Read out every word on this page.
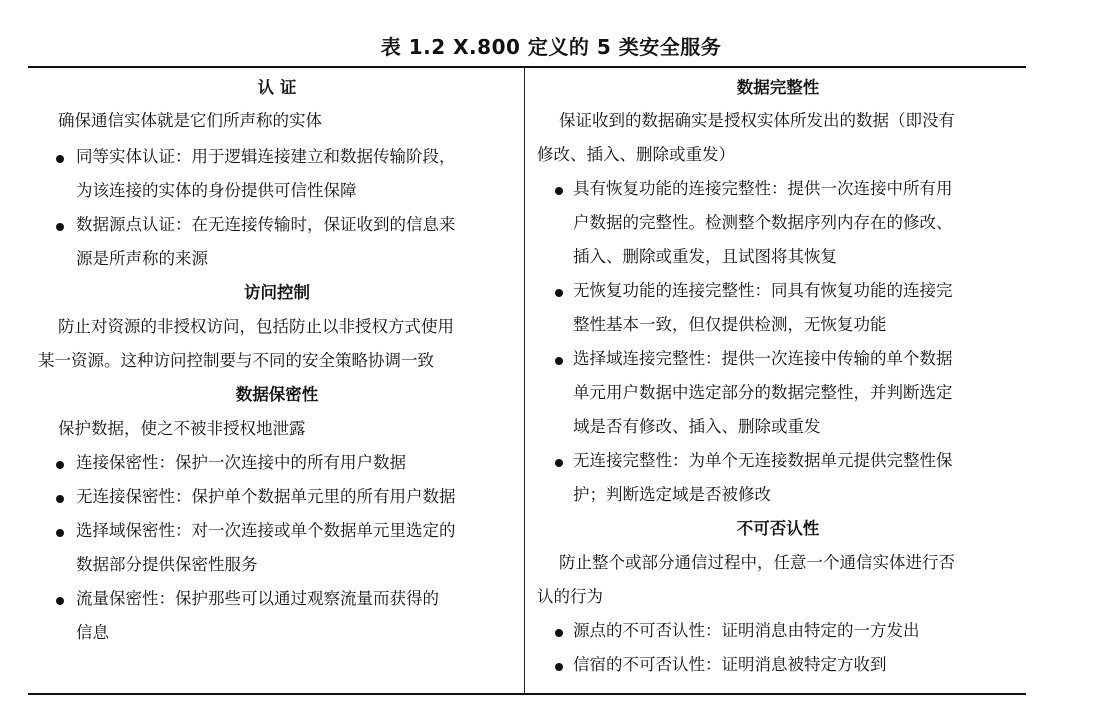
表 1.2 X.800 定义的 5 类安全服务
认 证
确保通信实体就是它们所声称的实体
同等实体认证：用于逻辑连接建立和数据传输阶段，
为该连接的实体的身份提供可信性保障
数据源点认证：在无连接传输时，保证收到的信息来
源是所声称的来源
访问控制
防止对资源的非授权访问，包括防止以非授权方式使用
某一资源。这种访问控制要与不同的安全策略协调一致
数据保密性
保护数据，使之不被非授权地泄露
连接保密性：保护一次连接中的所有用户数据
无连接保密性：保护单个数据单元里的所有用户数据
选择域保密性：对一次连接或单个数据单元里选定的
数据部分提供保密性服务
流量保密性：保护那些可以通过观察流量而获得的
信息
数据完整性
保证收到的数据确实是授权实体所发出的数据（即没有
修改、插入、删除或重发）
具有恢复功能的连接完整性：提供一次连接中所有用
户数据的完整性。检测整个数据序列内存在的修改、
插入、删除或重发，且试图将其恢复
无恢复功能的连接完整性：同具有恢复功能的连接完
整性基本一致，但仅提供检测，无恢复功能
选择域连接完整性：提供一次连接中传输的单个数据
单元用户数据中选定部分的数据完整性，并判断选定
域是否有修改、插入、删除或重发
无连接完整性：为单个无连接数据单元提供完整性保
护；判断选定域是否被修改
不可否认性
防止整个或部分通信过程中，任意一个通信实体进行否
认的行为
源点的不可否认性：证明消息由特定的一方发出
信宿的不可否认性：证明消息被特定方收到
